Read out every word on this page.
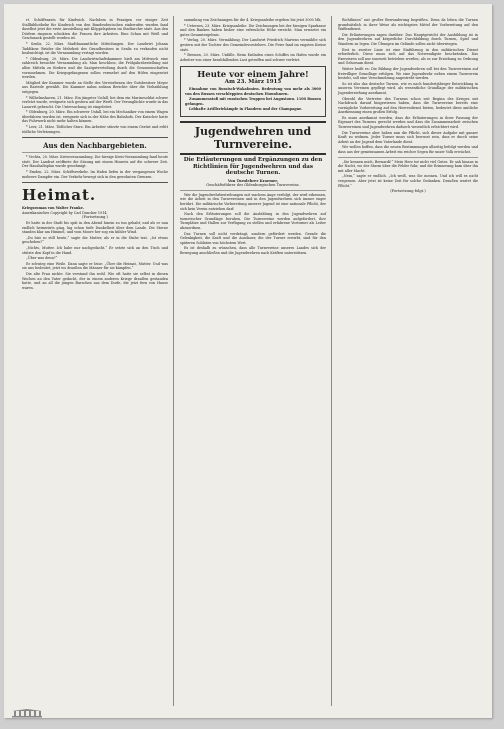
rt. Schöffenrats für Kindwich. Nachdem in Penzigen vor einiger Zeit Stallbibliotheke für Kindwich von den Bundesdeutschen einberufen wurden fand daselbst jetzt die erste Ausstellung mit Klöppelspitzen im Stadtarchiv statt. Aus den Dörfern ringsum schickten die Frauen ihre Arbeiten. Eine Schau mit Weiß und Geschmack gestellt worden ist.

* Senlis, 22. März. Stadtbauamtliche Mitteilungen. Der Landwirt Johann Taddikow. Brüder die Mehrheit des Grundbesitzes in Senlis zu verkaufen nicht beabsichtigt, ist die Versammlung vertagt worden.

* Oldenburg, 20. März. Die Landwirtschaftskammer hielt am Mittwoch eine zahlreich besuchte Versammlung ab. Man beschloss, die Frühjahrsbestellung mit allen Mitteln zu fördern und die Saatgutverteilung durch die Genossenschaften vorzunehmen. Die Kriegsgefangenen sollen vermehrt auf den Höfen eingesetzt werden.

Mitglied der Kammer wurde an Stelle des Verstorbenen der Gutsbesitzer Meyer aus Rastede gewählt. Die Kammer nahm sodann Berichte über die Viehzählung entgegen.

* Wilhelmshaven, 21. März. Ein jüngster Unfall, bei dem ein Marinesoldat schwer verletzt wurde, ereignete sich gestern auf der Werft. Der Verunglückte wurde in das Lazarett gebracht. Die Untersuchung ist eingeleitet.

* Oldenburg, 20. März. Ein schwerer Unfall, bei ein Mechaniker von einem Wagen überfahren worden ist, ereignete sich in der Nähe des Bahnhofs. Der Kutscher hatte das Fuhrwerk nicht mehr halten können.

* Leer, 21. März. Tödlicher Sturz. Ein Arbeiter stürzte von einem Gerüst und erlitt tödliche Verletzungen.

Aus den Nachbargebieten.

* Vechta, 20. März. Kreisversammlung. Die hiesige Kreis-Versammlung fand heute statt. Der Landrat eröffnete die Sitzung mit einem Hinweis auf die schwere Zeit. Der Haushaltsplan wurde genehmigt.

* Emden, 22. März. Schiffsverkehr. Im Hafen liefen in der vergangenen Woche mehrere Dampfer ein. Der Verkehr bewegt sich in den gewohnten Grenzen.

Heimat.
Kriegsroman von Walter Franke.
Amerikanisches Copyright by Carl Duncker 1914.

(Fortsetzung.)

Er hatte in der Stadt bis spät in den Abend hinein zu tun gehabt; und als er nun endlich heimwärts ging, lag schon tiefe Dunkelheit über dem Lande. Die Sterne standen klar am Himmel, und vom Moore her zog ein kühler Wind.

„Du bist so still heute,“ sagte die Mutter, als er in die Stube trat. „Ist etwas geschehen?“

„Nichts, Mutter. Ich habe nur nachgedacht.“ Er setzte sich an den Tisch und stützte den Kopf in die Hand.

„Über was denn?“

Er schwieg eine Weile. Dann sagte er leise: „Über die Heimat, Mutter. Und was sie uns bedeutet, jetzt wo draußen die Männer für sie kämpfen.“

Die alte Frau nickte. Sie verstand ihn wohl. Wie oft hatte sie selbst in diesen Wochen an den Vater gedacht, der in einem anderen Kriege draußen gestanden hatte, und an all die jungen Burschen aus dem Dorfe, die jetzt fern von Hause waren.

sammlung von Zeichnungen für die 4. Kriegsanleihe ergeben bis jetzt 3000 Mk.

* Uetersen, 23. März. Kriegsanleihe. Die Zeichnungen bei der hiesigen Sparkasse und den Banken haben bisher eine erfreuliche Höhe erreicht. Man erwartet ein gutes Gesamtergebnis.

* Verlag, 20. März. Vermählung. Der Landwirt Friedrich Martens vermählte sich gestern mit der Tochter des Gemeindevorstehers. Die Feier fand im engsten Kreise statt.

* Bremen, 20. März. Unfälle. Beim Entladen eines Schiffes im Hafen wurde ein Arbeiter von einer herabfallenden Last getroffen und schwer verletzt.

Heute vor einem Jahre!
Am 23. März 1915

Einnahme von Russisch-Wakafonien. Bedeutung von mehr als 3000 von den Russen verschleppten deutschen Einwohnern.

Zusammenstoß mit russischen Truppen bei Augustowo. 1100 Russen gefangen.

Lebhafte Artilleriekämpfe in Flandern und der Champagne.

Jugendwehren und Turnvereine.
Die Erläuterungen und Ergänzungen zu den Richtlinien für Jugendwehren und das deutsche Turnen.
Von Turnlehrer Kraemer,
Geschäftsführer des Oldenburgischen Turnvereins.

Wer die Jugendwehrbestrebungen mit wachem Auge verfolgt, der wird erkennen, wie die Arbeit in den Turnvereinen und in den Jugendwehren sich immer enger berührt. Die militärische Vorbereitung unserer Jugend ist eine nationale Pflicht, der sich kein Verein entziehen darf.

Nach den Erläuterungen soll die Ausbildung in den Jugendwehren auf turnerischer Grundlage beruhen. Die Turnvereine werden aufgefordert, ihre Turnplätze und Hallen zur Verfügung zu stellen und erfahrene Vorturner als Leiter abzuordnen.

Das Turnen soll nicht verdrängt, sondern gefördert werden. Gerade die Gelenkigkeit, die Kraft und die Ausdauer, die der Turner erwirbt, sind für den späteren Soldaten von höchstem Wert.

Es ist deshalb zu wünschen, dass alle Turnvereine unseres Landes sich der Bewegung anschließen und die Jugendwehren nach Kräften unterstützen.

Richtlinien“ mit großer Bewunderung begrüßen. Denn da leben die Turnen grundsätzlich in ihrer Weise als wichtigstes Mittel der Vorbereitung auf den Waffendienst.

Die Erläuterungen sagen darüber: Das Hauptgewicht der Ausbildung ist in den Jugendwehren auf körperliche Durchbildung durch Turnen, Spiel und Wandern zu legen. Die Übungen im Gelände sollen nicht überwiegen.

Erst in zweiter Linie ist eine Einführung in den militärischen Dienst erforderlich. Diese muss sich auf das Notwendigste beschränken. Das Exerzieren soll nur insoweit betrieben werden, als es zur Erziehung zu Ordnung und Gehorsam dient.

Weiter heißt es: Die Bildung der Jugendwehren soll bei den Turnvereinen auf freiwilliger Grundlage erfolgen. Wo eine Jugendwehr neben einem Turnverein besteht, soll eine Verschmelzung angestrebt werden.

So ist also das deutsche Turnen, wie es nach hundertjähriger Entwicklung in unseren Vereinen gepflegt wird, als wesentliche Grundlage der militärischen Jugenderziehung anerkannt.

Obwohl die Vertreter des Turnens schon seit Beginn des Krieges mit Nachdruck darauf hingewiesen haben, dass die Turnvereine bereits eine vorzügliche Vorbereitung auf den Heeresdienst bieten, bedeutet diese amtliche Anerkennung einen großen Erfolg.

Es muss anerkannt werden, dass die Erläuterungen in ihrer Fassung der Eigenart des Turnens gerecht werden und dass die Zusammenarbeit zwischen Turnvereinen und Jugendwehren dadurch wesentlich erleichtert wird.

Die Turnvereine aber haben nun die Pflicht, sich dieser Aufgabe mit ganzer Kraft zu widmen. Jeder Turner muss sich bewusst sein, dass er durch seine Arbeit an der Jugend dem Vaterlande dient.

Wir wollen hoffen, dass die neuen Bestimmungen allseitig befolgt werden und dass aus der gemeinsamen Arbeit ein reicher Segen für unser Volk erwächst.

„Sie kennen mich, Bernardi!“ Mein Herz tut nicht viel Gutes. Er sah hinaus in die Nacht, wo der Sturm über die Felder fuhr, und die Erinnerung kam über ihn mit aller Macht.

„Nein,“ sagte er endlich. „Ich weiß, was Sie meinen. Und ich will es nicht vergessen. Aber jetzt ist keine Zeit für solche Gedanken. Draußen wartet die Pflicht.“

(Fortsetzung folgt.)
